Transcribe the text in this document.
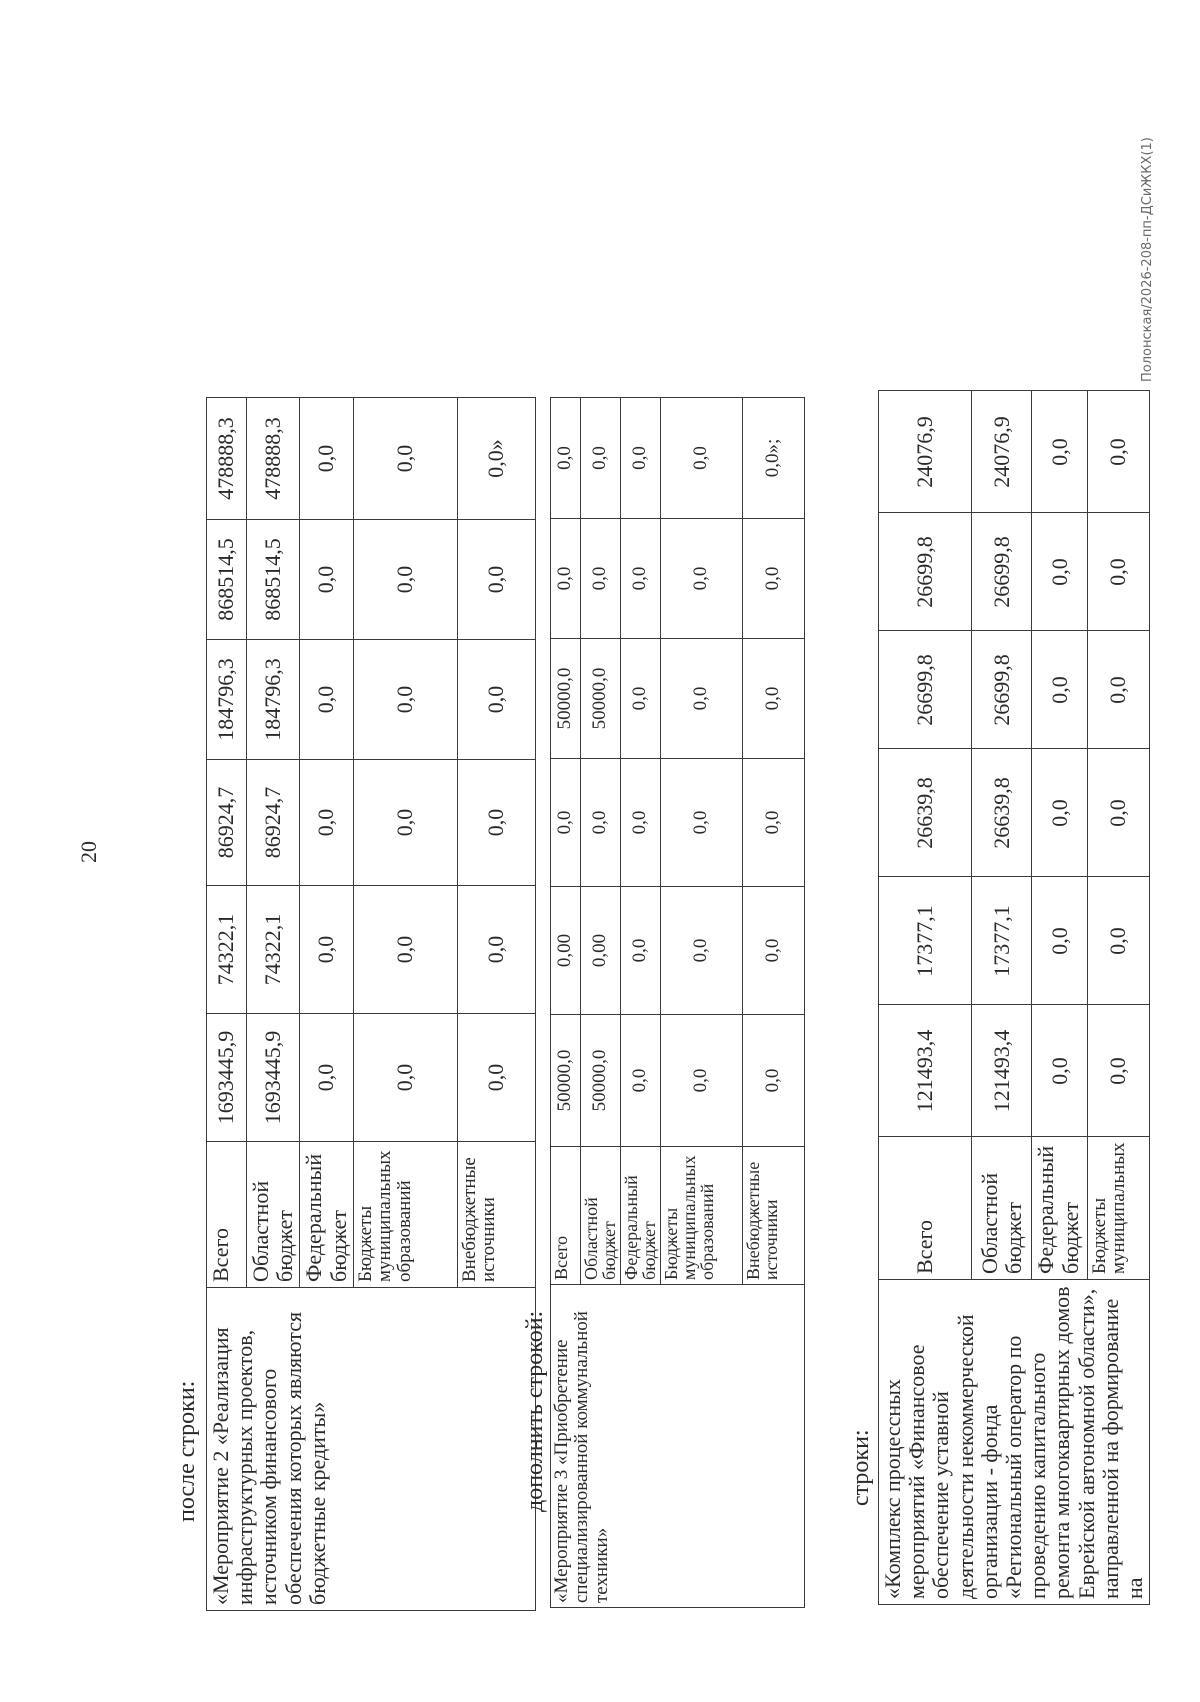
20
после строки: «Мероприятие 2 «Реализация инфраструктурных проектов, источником финансового обеспечения которых являются бюджетные кредиты»	Всего	1693445,9	74322,1	86924,7	184796,3	868514,5	478888,3
	Областной бюджет	1693445,9	74322,1	86924,7	184796,3	868514,5	478888,3
	Федеральный бюджет	0,0	0,0	0,0	0,0	0,0	0,0
	Бюджеты муниципальных образований	0,0	0,0	0,0	0,0	0,0	0,0
	Внебюджетные источники	0,0	0,0	0,0	0,0	0,0	0,0»
дополнить строкой: «Мероприятие 3 «Приобретение специализированной коммунальной техники»	Всего	50000,0	0,00	0,0	50000,0	0,0	0,0
	Областной бюджет	50000,0	0,00	0,0	50000,0	0,0	0,0
	Федеральный бюджет	0,0	0,0	0,0	0,0	0,0	0,0
	Бюджеты муниципальных образований	0,0	0,0	0,0	0,0	0,0	0,0
	Внебюджетные источники	0,0	0,0	0,0	0,0	0,0	0,0»;
строки: «Комплекс процессных мероприятий «Финансовое обеспечение уставной деятельности некоммерческой организации - фонда «Региональный оператор по проведению капитального ремонта многоквартирных домов Еврейской автономной области», направленной на формирование на	Всего	121493,4	17377,1	26639,8	26699,8	26699,8	24076,9
	Областной бюджет	121493,4	17377,1	26639,8	26699,8	26699,8	24076,9
	Федеральный бюджет	0,0	0,0	0,0	0,0	0,0	0,0
	Бюджеты муниципальных	0,0	0,0	0,0	0,0	0,0	0,0
Полонская/2026-208-пп-ДСиЖКХ(1)
